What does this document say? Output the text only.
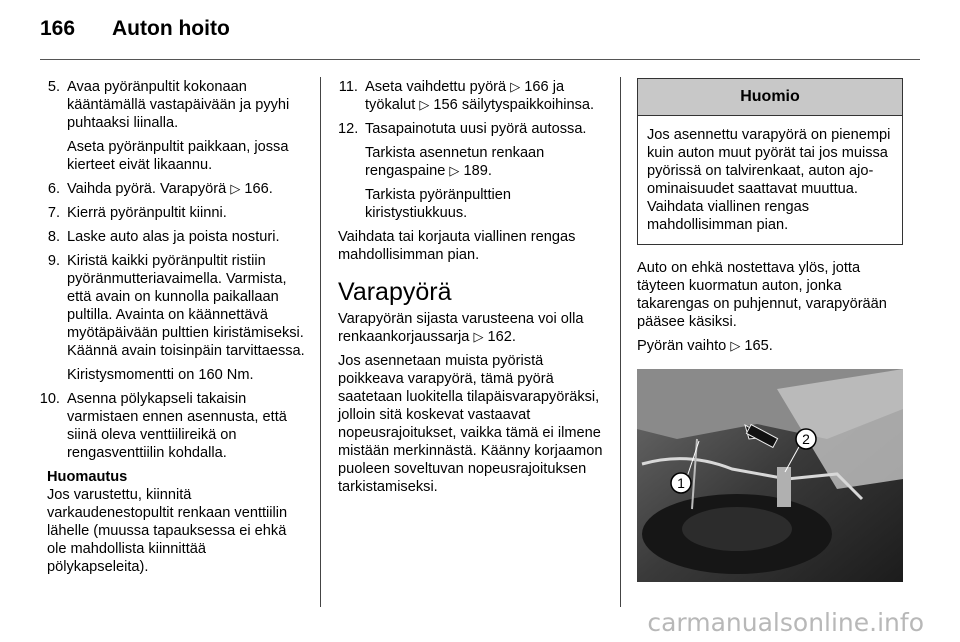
166 Auton hoito
5. Avaa pyöränpultit kokonaan kääntämällä vastapäivään ja pyyhi puhtaaksi liinalla.
Aseta pyöränpultit paikkaan, jossa kierteet eivät likaannu.
6. Vaihda pyörä. Varapyörä ▷ 166.
7. Kierrä pyöränpultit kiinni.
8. Laske auto alas ja poista nosturi.
9. Kiristä kaikki pyöränpultit ristiin pyöränmutteriavaimella. Varmista, että avain on kunnolla paikallaan pultilla. Avainta on käännettävä myötäpäivään pulttien kiristämiseksi. Käännä avain toisinpäin tarvittaessa.
Kiristysmomentti on 160 Nm.
10. Asenna pölykapseli takaisin varmistaen ennen asennusta, että siinä oleva venttiilireikä on rengasventtiilin kohdalla.
Huomautus
Jos varustettu, kiinnitä varkaudenestopultit renkaan venttiilin lähelle (muussa tapauksessa ei ehkä ole mahdollista kiinnittää pölykapseleita).
11. Aseta vaihdettu pyörä ▷ 166 ja työkalut ▷ 156 säilytyspaikkoihinsa.
12. Tasapainotuta uusi pyörä autossa.
Tarkista asennetun renkaan rengaspaine ▷ 189.
Tarkista pyöränpulttien kiristystiukkuus.
Vaihdata tai korjauta viallinen rengas mahdollisimman pian.
Varapyörä
Varapyörän sijasta varusteena voi olla renkaankorjaussarja ▷ 162.
Jos asennetaan muista pyöristä poikkeava varapyörä, tämä pyörä saatetaan luokitella tilapäisvarapyöräksi, jolloin sitä koskevat vastaavat nopeusrajoitukset, vaikka tämä ei ilmene mistään merkinnästä. Käänny korjaamon puoleen soveltuvan nopeusrajoituksen tarkistamiseksi.
Huomio
Jos asennettu varapyörä on pienempi kuin auton muut pyörät tai jos muissa pyörissä on talvirenkaat, auton ajo-ominaisuudet saattavat muuttua. Vaihdata viallinen rengas mahdollisimman pian.
Auto on ehkä nostettava ylös, jotta täyteen kuormatun auton, jonka takarengas on puhjennut, varapyörään pääsee käsiksi.
Pyörän vaihto ▷ 165.
1
2
carmanualsonline.info
